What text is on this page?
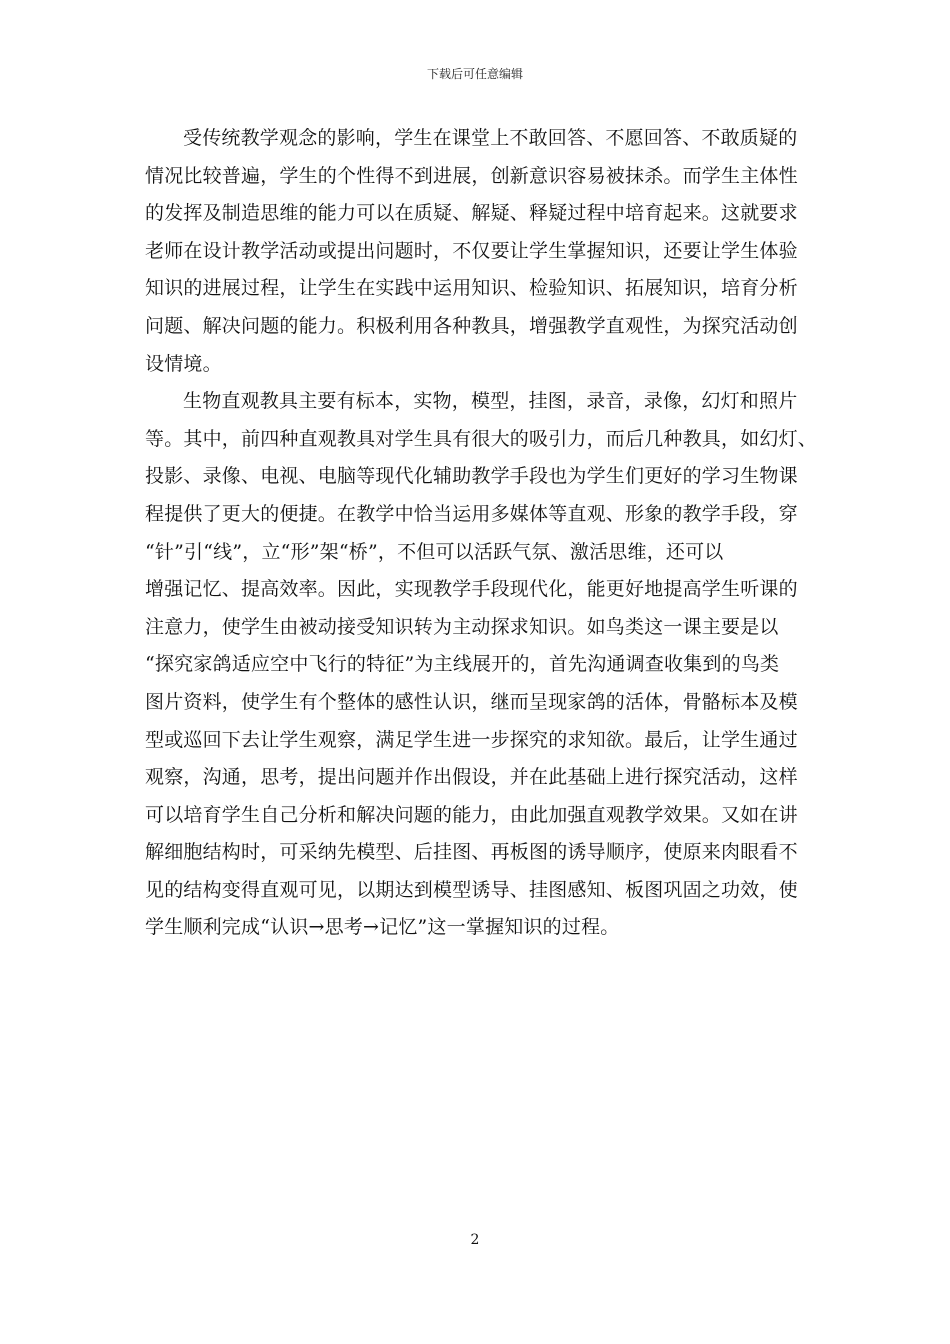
下载后可任意编辑

受传统教学观念的影响，学生在课堂上不敢回答、不愿回答、不敢质疑的
情况比较普遍，学生的个性得不到进展，创新意识容易被抹杀。而学生主体性
的发挥及制造思维的能力可以在质疑、解疑、释疑过程中培育起来。这就要求
老师在设计教学活动或提出问题时，不仅要让学生掌握知识，还要让学生体验
知识的进展过程，让学生在实践中运用知识、检验知识、拓展知识，培育分析
问题、解决问题的能力。积极利用各种教具，增强教学直观性，为探究活动创
设情境。

生物直观教具主要有标本，实物，模型，挂图，录音，录像，幻灯和照片
等。其中，前四种直观教具对学生具有很大的吸引力，而后几种教具，如幻灯、
投影、录像、电视、电脑等现代化辅助教学手段也为学生们更好的学习生物课
程提供了更大的便捷。在教学中恰当运用多媒体等直观、形象的教学手段，穿
“针”引“线”，立“形”架“桥”，不但可以活跃气氛、激活思维，还可以
增强记忆、提高效率。因此，实现教学手段现代化，能更好地提高学生听课的
注意力，使学生由被动接受知识转为主动探求知识。如鸟类这一课主要是以
“探究家鸽适应空中飞行的特征”为主线展开的，首先沟通调查收集到的鸟类
图片资料，使学生有个整体的感性认识，继而呈现家鸽的活体，骨骼标本及模
型或巡回下去让学生观察，满足学生进一步探究的求知欲。最后，让学生通过
观察，沟通，思考，提出问题并作出假设，并在此基础上进行探究活动，这样
可以培育学生自己分析和解决问题的能力，由此加强直观教学效果。又如在讲
解细胞结构时，可采纳先模型、后挂图、再板图的诱导顺序，使原来肉眼看不
见的结构变得直观可见，以期达到模型诱导、挂图感知、板图巩固之功效，使
学生顺利完成“认识→思考→记忆”这一掌握知识的过程。

2
